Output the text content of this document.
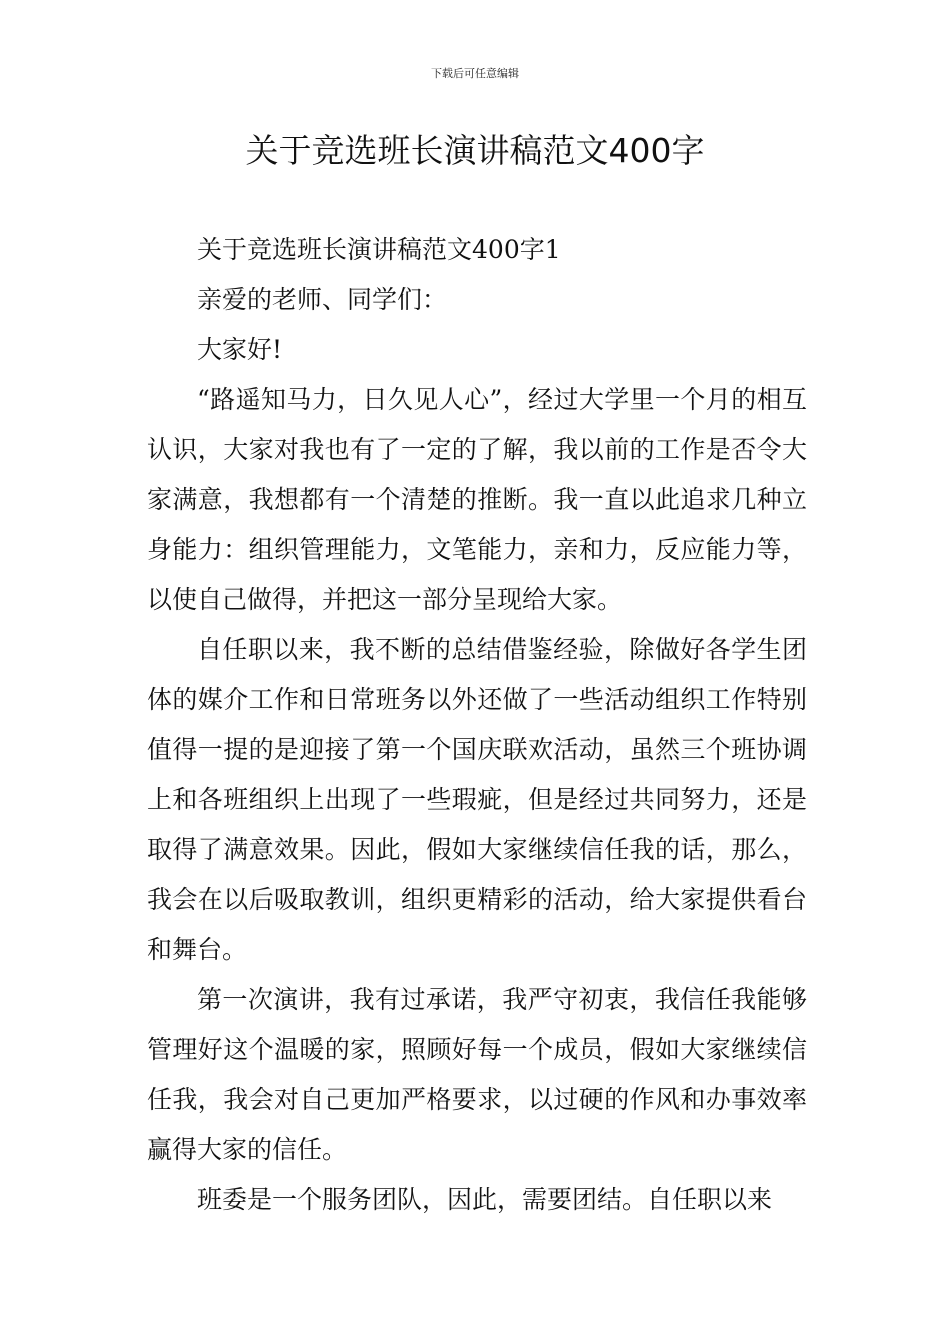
下载后可任意编辑
关于竞选班长演讲稿范文400字

关于竞选班长演讲稿范文400字1

亲爱的老师、同学们：

大家好!

“路遥知马力，日久见人心”，经过大学里一个月的相互认识，大家对我也有了一定的了解，我以前的工作是否令大家满意，我想都有一个清楚的推断。我一直以此追求几种立身能力：组织管理能力，文笔能力，亲和力，反应能力等，以使自己做得，并把这一部分呈现给大家。

自任职以来，我不断的总结借鉴经验，除做好各学生团体的媒介工作和日常班务以外还做了一些活动组织工作特别值得一提的是迎接了第一个国庆联欢活动，虽然三个班协调上和各班组织上出现了一些瑕疵，但是经过共同努力，还是取得了满意效果。因此，假如大家继续信任我的话，那么，我会在以后吸取教训，组织更精彩的活动，给大家提供看台和舞台。

第一次演讲，我有过承诺，我严守初衷，我信任我能够管理好这个温暖的家，照顾好每一个成员，假如大家继续信任我，我会对自己更加严格要求，以过硬的作风和办事效率赢得大家的信任。

班委是一个服务团队，因此，需要团结。自任职以来
